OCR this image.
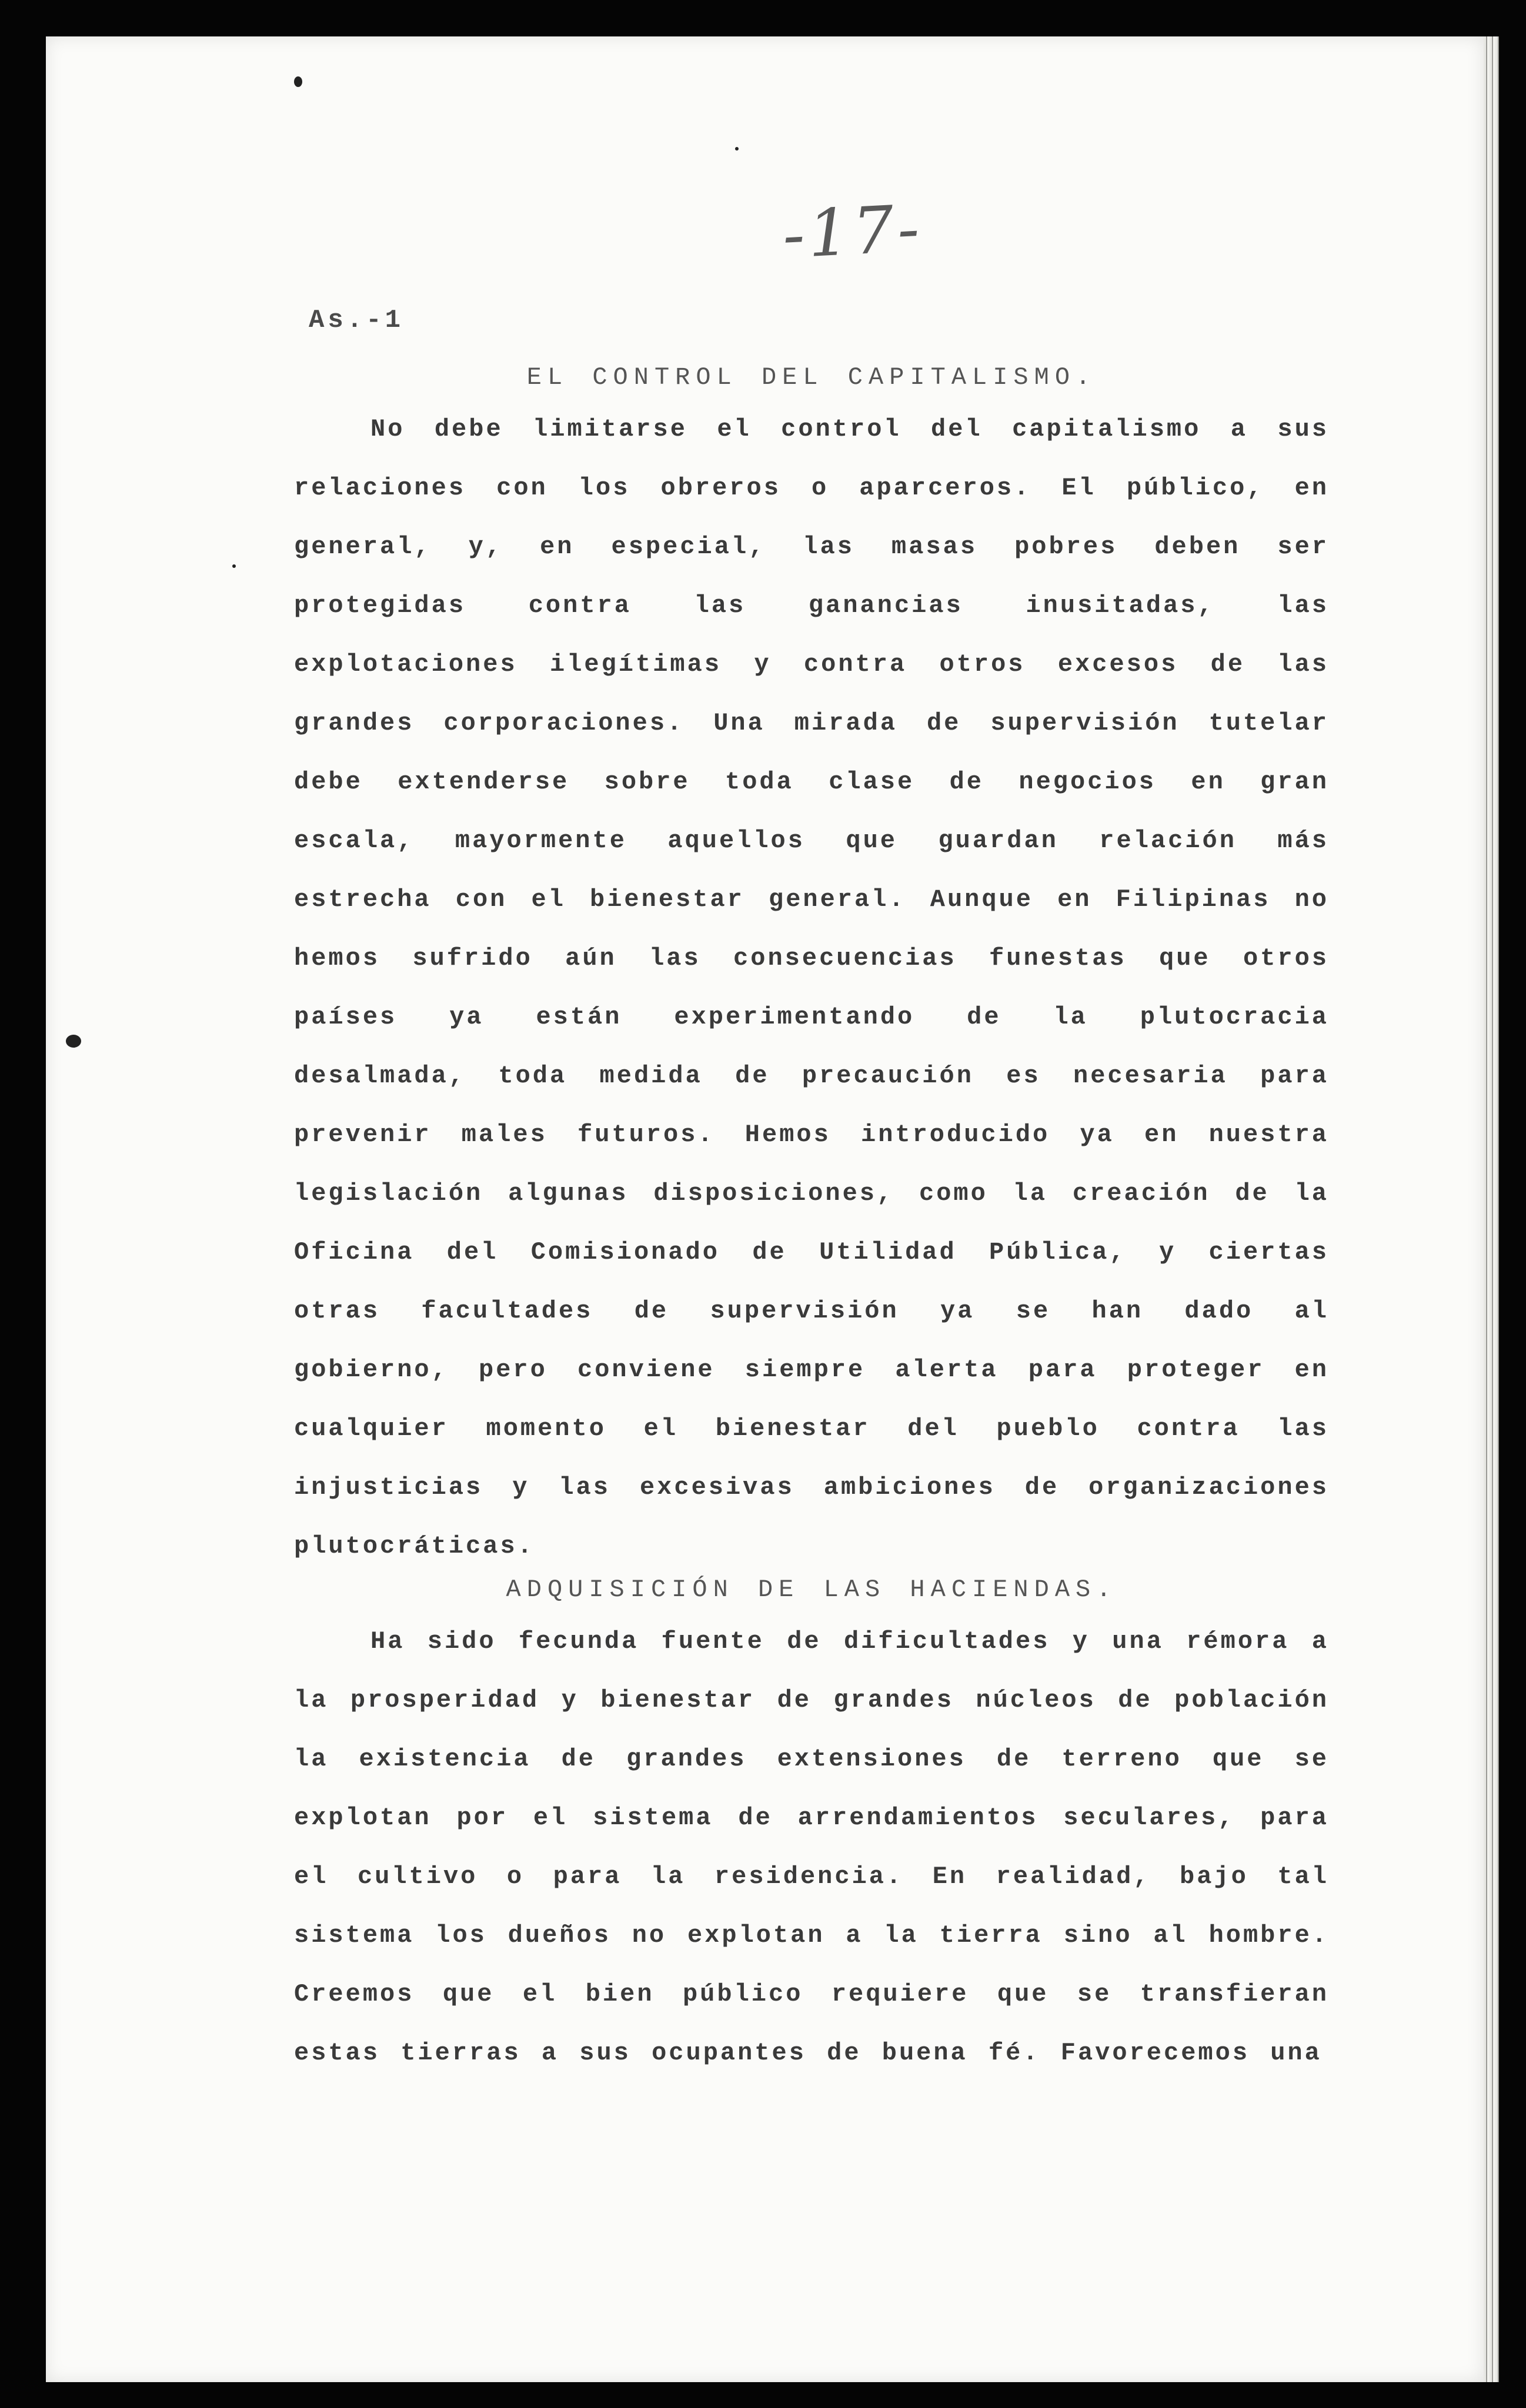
-17-
As.-1
EL CONTROL DEL CAPITALISMO.

No debe limitarse el control del capitalismo a sus relaciones con los obreros o aparceros. El público, en general, y, en especial, las masas pobres deben ser protegidas contra las ganancias inusitadas, las explotaciones ilegítimas y contra otros excesos de las grandes corporaciones. Una mirada de supervisión tutelar debe extenderse sobre toda clase de negocios en gran escala, mayormente aquellos que guardan relación más estrecha con el bienestar general. Aunque en Filipinas no hemos sufrido aún las consecuencias funestas que otros países ya están experimentando de la plutocracia desalmada, toda medida de precaución es necesaria para prevenir males futuros. Hemos introducido ya en nuestra legislación algunas disposiciones, como la creación de la Oficina del Comisionado de Utilidad Pública, y ciertas otras facultades de supervisión ya se han dado al gobierno, pero conviene siempre alerta para proteger en cualquier momento el bienestar del pueblo contra las injusticias y las excesivas ambiciones de organizaciones plutocráticas.

ADQUISICIÓN DE LAS HACIENDAS.

Ha sido fecunda fuente de dificultades y una rémora a la prosperidad y bienestar de grandes núcleos de población la existencia de grandes extensiones de terreno que se explotan por el sistema de arrendamientos seculares, para el cultivo o para la residencia. En realidad, bajo tal sistema los dueños no explotan a la tierra sino al hombre. Creemos que el bien público requiere que se transfieran estas tierras a sus ocupantes de buena fé. Favorecemos una
